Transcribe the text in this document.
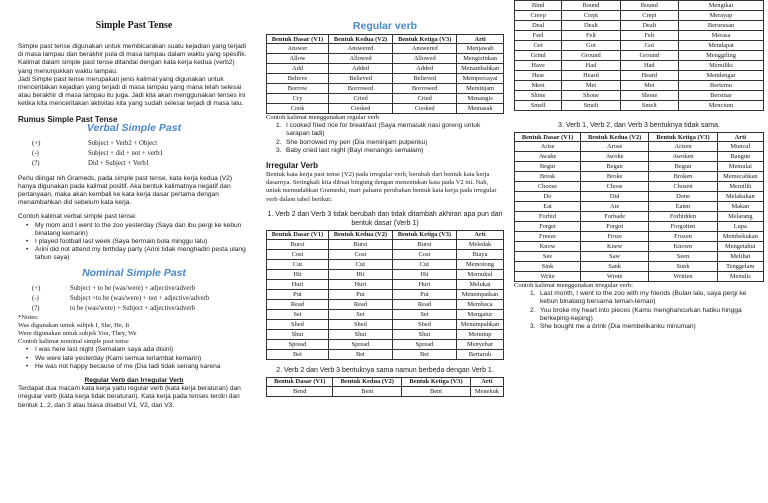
Simple Past Tense

Simple past tense digunakan untuk membicarakan suatu kejadian yang terjadi di masa lampau dan berakhir pula di masa lampau dalam waktu yang spesifik. Kalimat dalam simple past tense ditandai dengan kata kerja kedua (verb2) yang menunjukkan waktu lampau.

Jadi Simple past tense merupakan jenis kalimat yang digunakan untuk menceritakan kejadian yang terjadi di masa lampau yang mana telah selesai atau berakhir di masa lampau itu juga. Jadi kita akan menggunakan tenses ini ketika kita menceritakan aktivitas kita yang sudah selesai terjadi di masa lalu.

Rumus Simple Past Tense
Verbal Simple Past
(+)	Subject + Verb2 + Object
(-)	Subject + did + not + verb1
(?)	Did + Subject + Verb1

Perlu diingat nih Grameds, pada simple past tense, kata kerja kedua (V2) hanya digunakan pada kalimat positif. Aka bentuk kalimatnya negatif dan pertanyaan, maka akan kembali ke kata kerja dasar pertama dengan menambahkan did sebelum kata kerja.

Contoh kalimat verbal simple past tense:

• My mom and I went to the zoo yesterday (Saya dan ibu pergi ke kebun binatang kemarin)
• I played football last week (Saya bermain bola minggu lalu)
• Arini did not attend my birthday party (Arini tidak menghadiri pesta ulang tahun saya)
Nominal Simple Past
(+)	Subject + to be (was/were) + adjective/adverb
(-)	Subject +to be (was/were) + not + adjective/adverb
(?)	to be (was/were) + Subject + adjective/adverb
*Notes:
Was digunakan untuk subjek I, She, He, It
Were digunakan untuk subjek You, They, We
Contoh kalimat nominal simple past tense
• I was here last night (Semalam saya ada disini)
• We were late yesterday (Kami semua terlambat kemarin)
• He was not happy because of me (Dia tadi tidak senang karena
Regular Verb dan Irregular Verb

Terdapat dua macam kata kerja yaitu regular verb (kata kerja beraturan) dan irregular verb (kata kerja tidak beraturan). Kata kerja pada tenses terdiri dari bentuk 1, 2, dan 3 atau biasa disebut V1, V2, dan V3.

Regular verb
Bentuk Dasar (V1)	Bentuk Kedua (V2)	Bentuk Ketiga (V3)	Arti
Answer	Answered	Answered	Menjawab
Allow	Allowed	Allowed	Mengizinkan
Add	Added	Added	Menambahkan
Believe	Believed	Believed	Mempercayai
Borrow	Borrowed	Borrowed	Meminjam
Cry	Cried	Cried	Menangis
Cook	Cooked	Cooked	Memasak
Contoh kalimat menggunakan regular verb
1. I cooked fried rice for breakfast (Saya memasak nasi goreng untuk sarapan tadi)
2. She borrowed my pen (Dia meminjam pulpenku)
3. Baby cried last night (Bayi menangis semalam)
Irregular Verb

Bentuk kata kerja past tense (V2) pada irregular verb, berubah dari bentuk kata kerja dasarnya. Seringkali kita dibuat bingung dengan menentukan kata pada V2 ini. Nah, untuk memudahkan Gramedsi, mari pahami perubahan bentuk kata kerja pada irregular verb dalam tabel berikut:

1. Verb 2 dan Verb 3 tidak berubah dan tidak ditambah akhiran apa pun dari bentuk dasar (Verb 1)
Bentuk Dasar (V1)	Bentuk Kedua (V2)	Bentuk Ketiga (V3)	Arti
Burst	Burst	Burst	Meledak
Cost	Cost	Cost	Biaya
Cut	Cut	Cut	Memotong
Hit	Hit	Hit	Memukul
Hurt	Hurt	Hurt	Melukai
Put	Put	Put	Menempatkan
Read	Read	Read	Membaca
Set	Set	Set	Mengatur
Shed	Shed	Shed	Menumpahkan
Shut	Shut	Shut	Menutup
Spread	Spread	Spread	Menyebar
Bet	Bet	Bet	Bertaruh
2. Verb 2 dan Verb 3 bentuknya sama namun berbeda dengan Verb 1.
Bentuk Dasar (V1)	Bentuk Kedua (V2)	Bentuk Ketiga (V3)	Arti
Bend	Bent	Bent	Menekuk
Bind	Bound	Bound	Mengikat
Creep	Crept	Crept	Merayap
Deal	Dealt	Dealt	Berurusan
Feel	Felt	Felt	Merasa
Get	Got	Got	Mendapat
Grind	Ground	Ground	Menggiling
Have	Had	Had	Memiliki
Hear	Heard	Heard	Mendengar
Meet	Met	Met	Bertemu
Shine	Shone	Shone	Bersinar
Smell	Smelt	Smelt	Mencium
3. Verb 1, Verb 2, dan Verb 3 bentuknya tidak sama.
Bentuk Dasar (V1)	Bentuk Kedua (V2)	Bentuk Ketiga (V3)	Arti
Arise	Arose	Arisen	Muncul
Awake	Awoke	Awoken	Bangun
Begin	Began	Begun	Memulai
Break	Broke	Broken	Memecahkan
Choose	Chose	Chosen	Memilih
Do	Did	Done	Melakukan
Eat	Ate	Eaten	Makan
Forbid	Forbade	Forbidden	Melarang
Forget	Forgot	Forgotten	Lupa
Freeze	Froze	Frozen	Membekukan
Know	Knew	Known	Mengetahui
See	Saw	Seen	Melihat
Sink	Sank	Sunk	Tenggelam
Write	Wrote	Written	Menulis
Contoh kalimat menggunakan irregular verb:
1. Last month, I went to the zoo with my friends (Bulan lalu, saya pergi ke kebun binatang bersama teman-teman)
2. You broke my heart into pieces (Kamu menghancurkan hatiku hingga berkeping-keping)
3. She bought me a drink (Dia membelikanku minuman)
